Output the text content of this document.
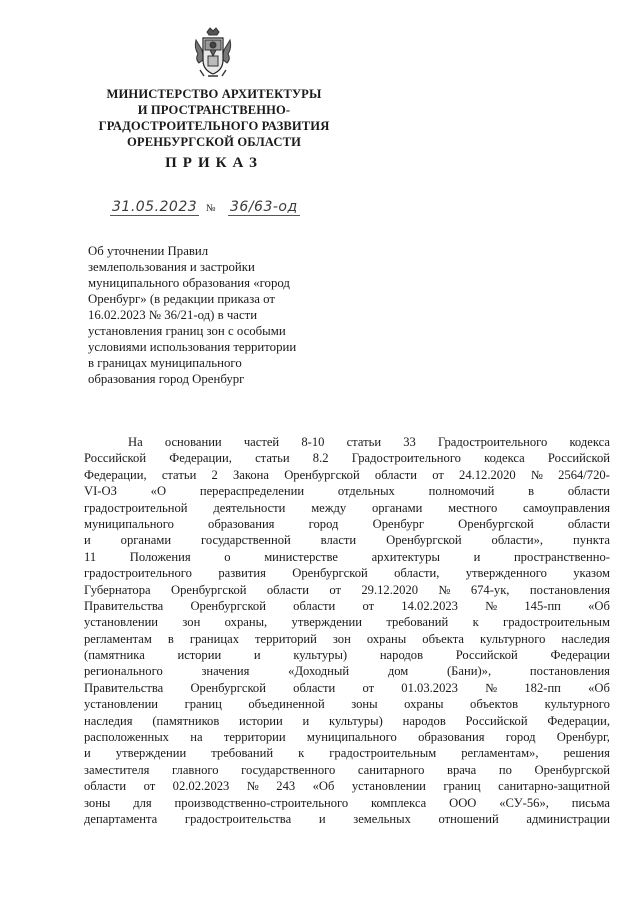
МИНИСТЕРСТВО АРХИТЕКТУРЫ
И ПРОСТРАНСТВЕННО-
ГРАДОСТРОИТЕЛЬНОГО РАЗВИТИЯ
ОРЕНБУРГСКОЙ ОБЛАСТИ
ПРИКАЗ
31.05.2023 № 36/63-од
Об уточнении Правил
землепользования и застройки
муниципального образования «город
Оренбург» (в редакции приказа от
16.02.2023 № 36/21-од) в части
установления границ зон с особыми
условиями использования территории
в границах муниципального
образования город Оренбург
На основании частей 8-10 статьи 33 Градостроительного кодекса
Российской Федерации, статьи 8.2 Градостроительного кодекса Российской
Федерации, статьи 2 Закона Оренбургской области от 24.12.2020 № 2564/720-
VI-ОЗ	«О	перераспределении	отдельных	полномочий	в	области
градостроительной деятельности между органами местного самоуправления
муниципального	образования	город	Оренбург	Оренбургской	области
и органами государственной власти Оренбургской области», пункта
11	Положения	о	министерстве	архитектуры	и	пространственно-
градостроительного развития Оренбургской области, утвержденного указом
Губернатора Оренбургской области от 29.12.2020 № 674-ук, постановления
Правительства Оренбургской области от 14.02.2023 № 145-пп «Об
установлении зон охраны, утверждении требований к градостроительным
регламентам в границах территорий зон охраны объекта культурного наследия
(памятника	истории	и	культуры)	народов	Российской	Федерации
регионального	значения	«Доходный	дом	(Бани)»,	постановления
Правительства Оренбургской области от 01.03.2023 № 182-пп «Об
установлении границ объединенной зоны охраны объектов культурного
наследия (памятников истории и культуры) народов Российской Федерации,
расположенных на территории муниципального образования город Оренбург,
и утверждении требований к градостроительным регламентам», решения
заместителя главного государственного санитарного врача по Оренбургской
области от 02.02.2023 № 243 «Об установлении границ санитарно-защитной
зоны для производственно-строительного комплекса ООО «СУ-56», письма
департамента градостроительства и земельных отношений администрации
